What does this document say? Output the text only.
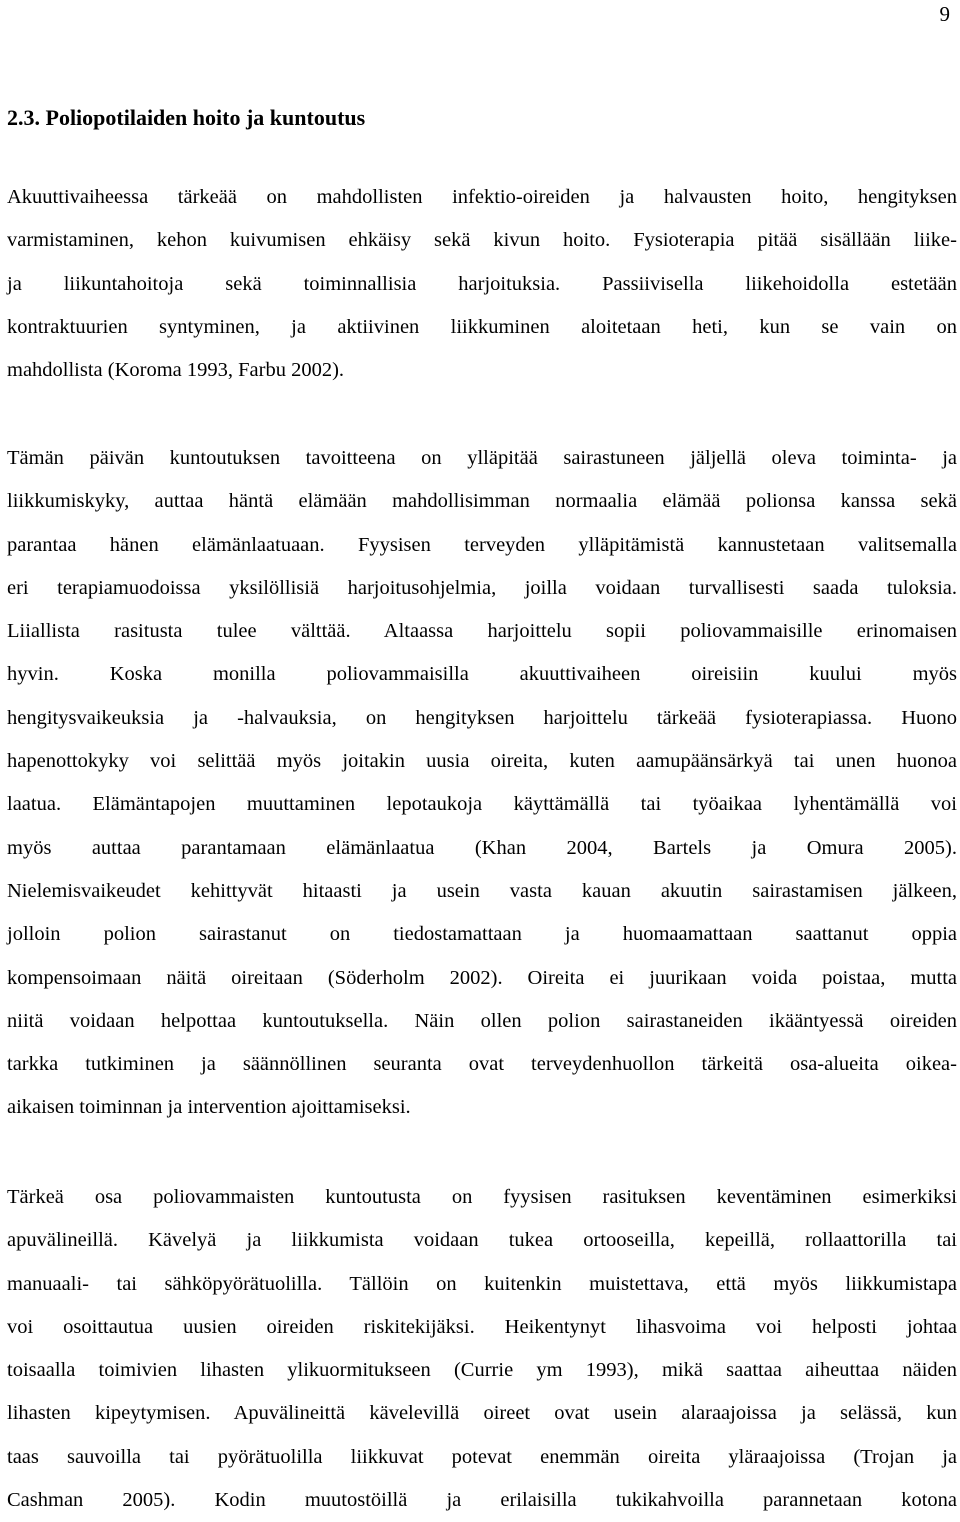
9
2.3. Poliopotilaiden hoito ja kuntoutus
Akuuttivaiheessa tärkeää on mahdollisten infektio-oireiden ja halvausten hoito, hengityksen
varmistaminen, kehon kuivumisen ehkäisy sekä kivun hoito. Fysioterapia pitää sisällään liike-
ja liikuntahoitoja sekä toiminnallisia harjoituksia. Passiivisella liikehoidolla estetään
kontraktuurien syntyminen, ja aktiivinen liikkuminen aloitetaan heti, kun se vain on
mahdollista (Koroma 1993, Farbu 2002).
Tämän päivän kuntoutuksen tavoitteena on ylläpitää sairastuneen jäljellä oleva toiminta- ja
liikkumiskyky, auttaa häntä elämään mahdollisimman normaalia elämää polionsa kanssa sekä
parantaa hänen elämänlaatuaan. Fyysisen terveyden ylläpitämistä kannustetaan valitsemalla
eri terapiamuodoissa yksilöllisiä harjoitusohjelmia, joilla voidaan turvallisesti saada tuloksia.
Liiallista rasitusta tulee välttää. Altaassa harjoittelu sopii poliovammaisille erinomaisen
hyvin. Koska monilla poliovammaisilla akuuttivaiheen oireisiin kuului myös
hengitysvaikeuksia ja -halvauksia, on hengityksen harjoittelu tärkeää fysioterapiassa. Huono
hapenottokyky voi selittää myös joitakin uusia oireita, kuten aamupäänsärkyä tai unen huonoa
laatua. Elämäntapojen muuttaminen lepotaukoja käyttämällä tai työaikaa lyhentämällä voi
myös auttaa parantamaan elämänlaatua (Khan 2004, Bartels ja Omura 2005).
Nielemisvaikeudet kehittyvät hitaasti ja usein vasta kauan akuutin sairastamisen jälkeen,
jolloin polion sairastanut on tiedostamattaan ja huomaamattaan saattanut oppia
kompensoimaan näitä oireitaan (Söderholm 2002). Oireita ei juurikaan voida poistaa, mutta
niitä voidaan helpottaa kuntoutuksella. Näin ollen polion sairastaneiden ikääntyessä oireiden
tarkka tutkiminen ja säännöllinen seuranta ovat terveydenhuollon tärkeitä osa-alueita oikea-
aikaisen toiminnan ja intervention ajoittamiseksi.
Tärkeä osa poliovammaisten kuntoutusta on fyysisen rasituksen keventäminen esimerkiksi
apuvälineillä. Kävelyä ja liikkumista voidaan tukea ortooseilla, kepeillä, rollaattorilla tai
manuaali- tai sähköpyörätuolilla. Tällöin on kuitenkin muistettava, että myös liikkumistapa
voi osoittautua uusien oireiden riskitekijäksi. Heikentynyt lihasvoima voi helposti johtaa
toisaalla toimivien lihasten ylikuormitukseen (Currie ym 1993), mikä saattaa aiheuttaa näiden
lihasten kipeytymisen. Apuvälineittä kävelevillä oireet ovat usein alaraajoissa ja selässä, kun
taas sauvoilla tai pyörätuolilla liikkuvat potevat enemmän oireita yläraajoissa (Trojan ja
Cashman 2005). Kodin muutostöillä ja erilaisilla tukikahvoilla parannetaan kotona
